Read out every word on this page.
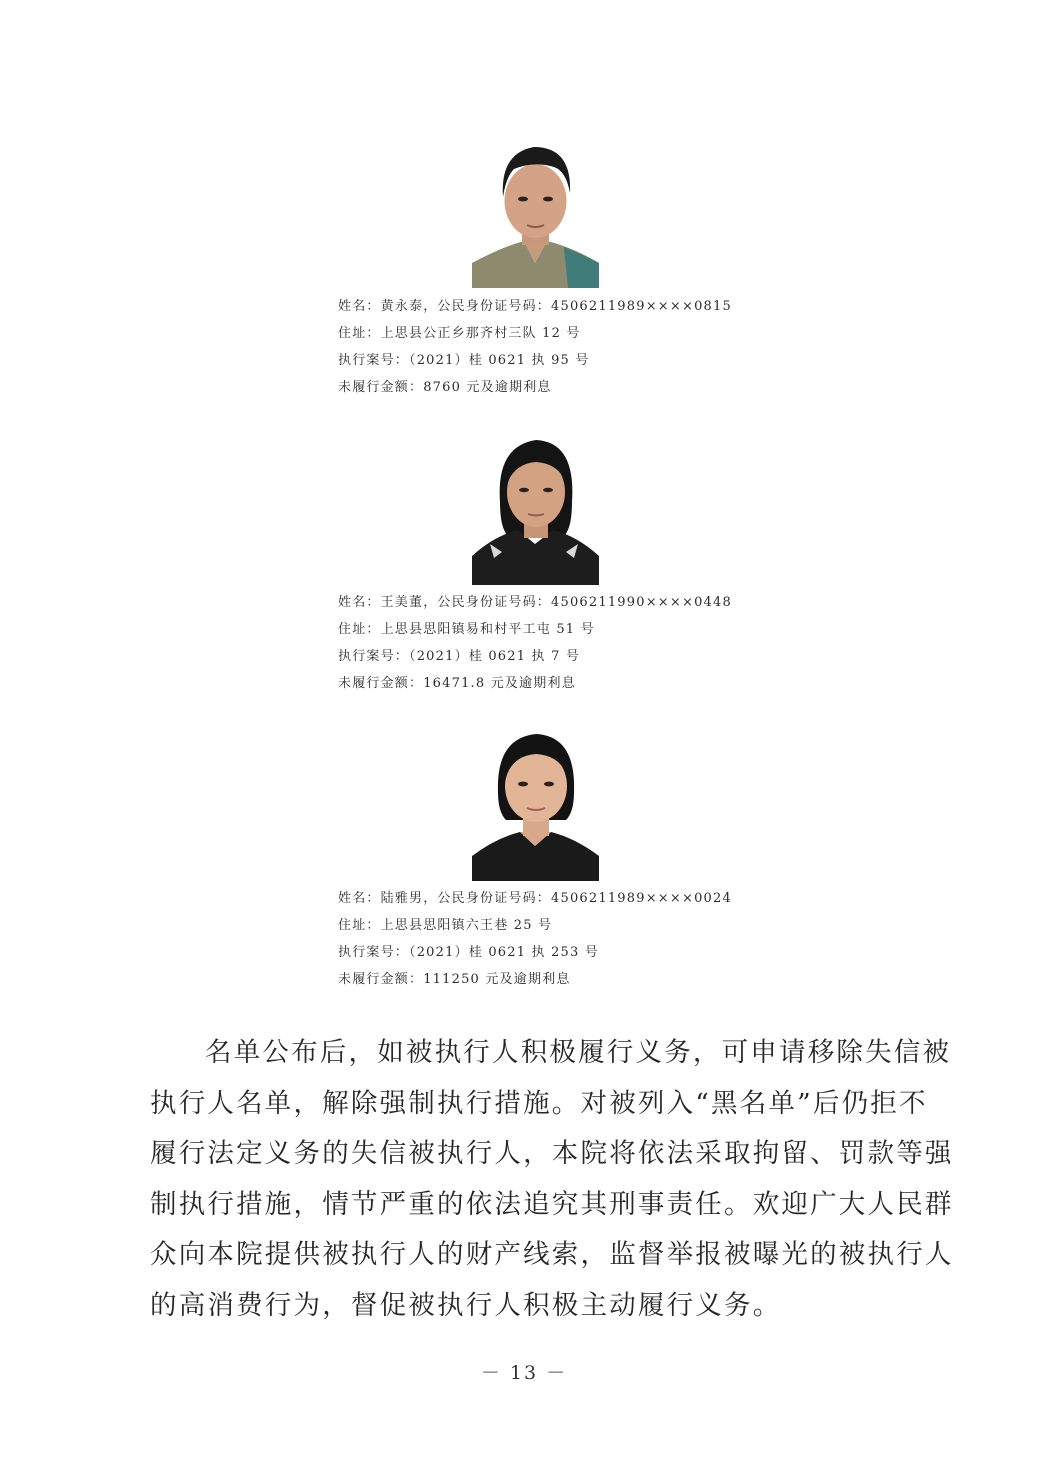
姓名：黄永泰，公民身份证号码：4506211989××××0815
住址：上思县公正乡那齐村三队 12 号
执行案号：（2021）桂 0621 执 95 号
未履行金额：8760 元及逾期利息
姓名：王美董，公民身份证号码：4506211990××××0448
住址：上思县思阳镇易和村平工屯 51 号
执行案号：（2021）桂 0621 执 7 号
未履行金额：16471.8 元及逾期利息
姓名：陆雅男，公民身份证号码：4506211989××××0024
住址：上思县思阳镇六王巷 25 号
执行案号：（2021）桂 0621 执 253 号
未履行金额：111250 元及逾期利息
名单公布后，如被执行人积极履行义务，可申请移除失信被
执行人名单，解除强制执行措施。对被列入“黑名单”后仍拒不
履行法定义务的失信被执行人，本院将依法采取拘留、罚款等强
制执行措施，情节严重的依法追究其刑事责任。欢迎广大人民群
众向本院提供被执行人的财产线索，监督举报被曝光的被执行人
的高消费行为，督促被执行人积极主动履行义务。
－ 13 －
